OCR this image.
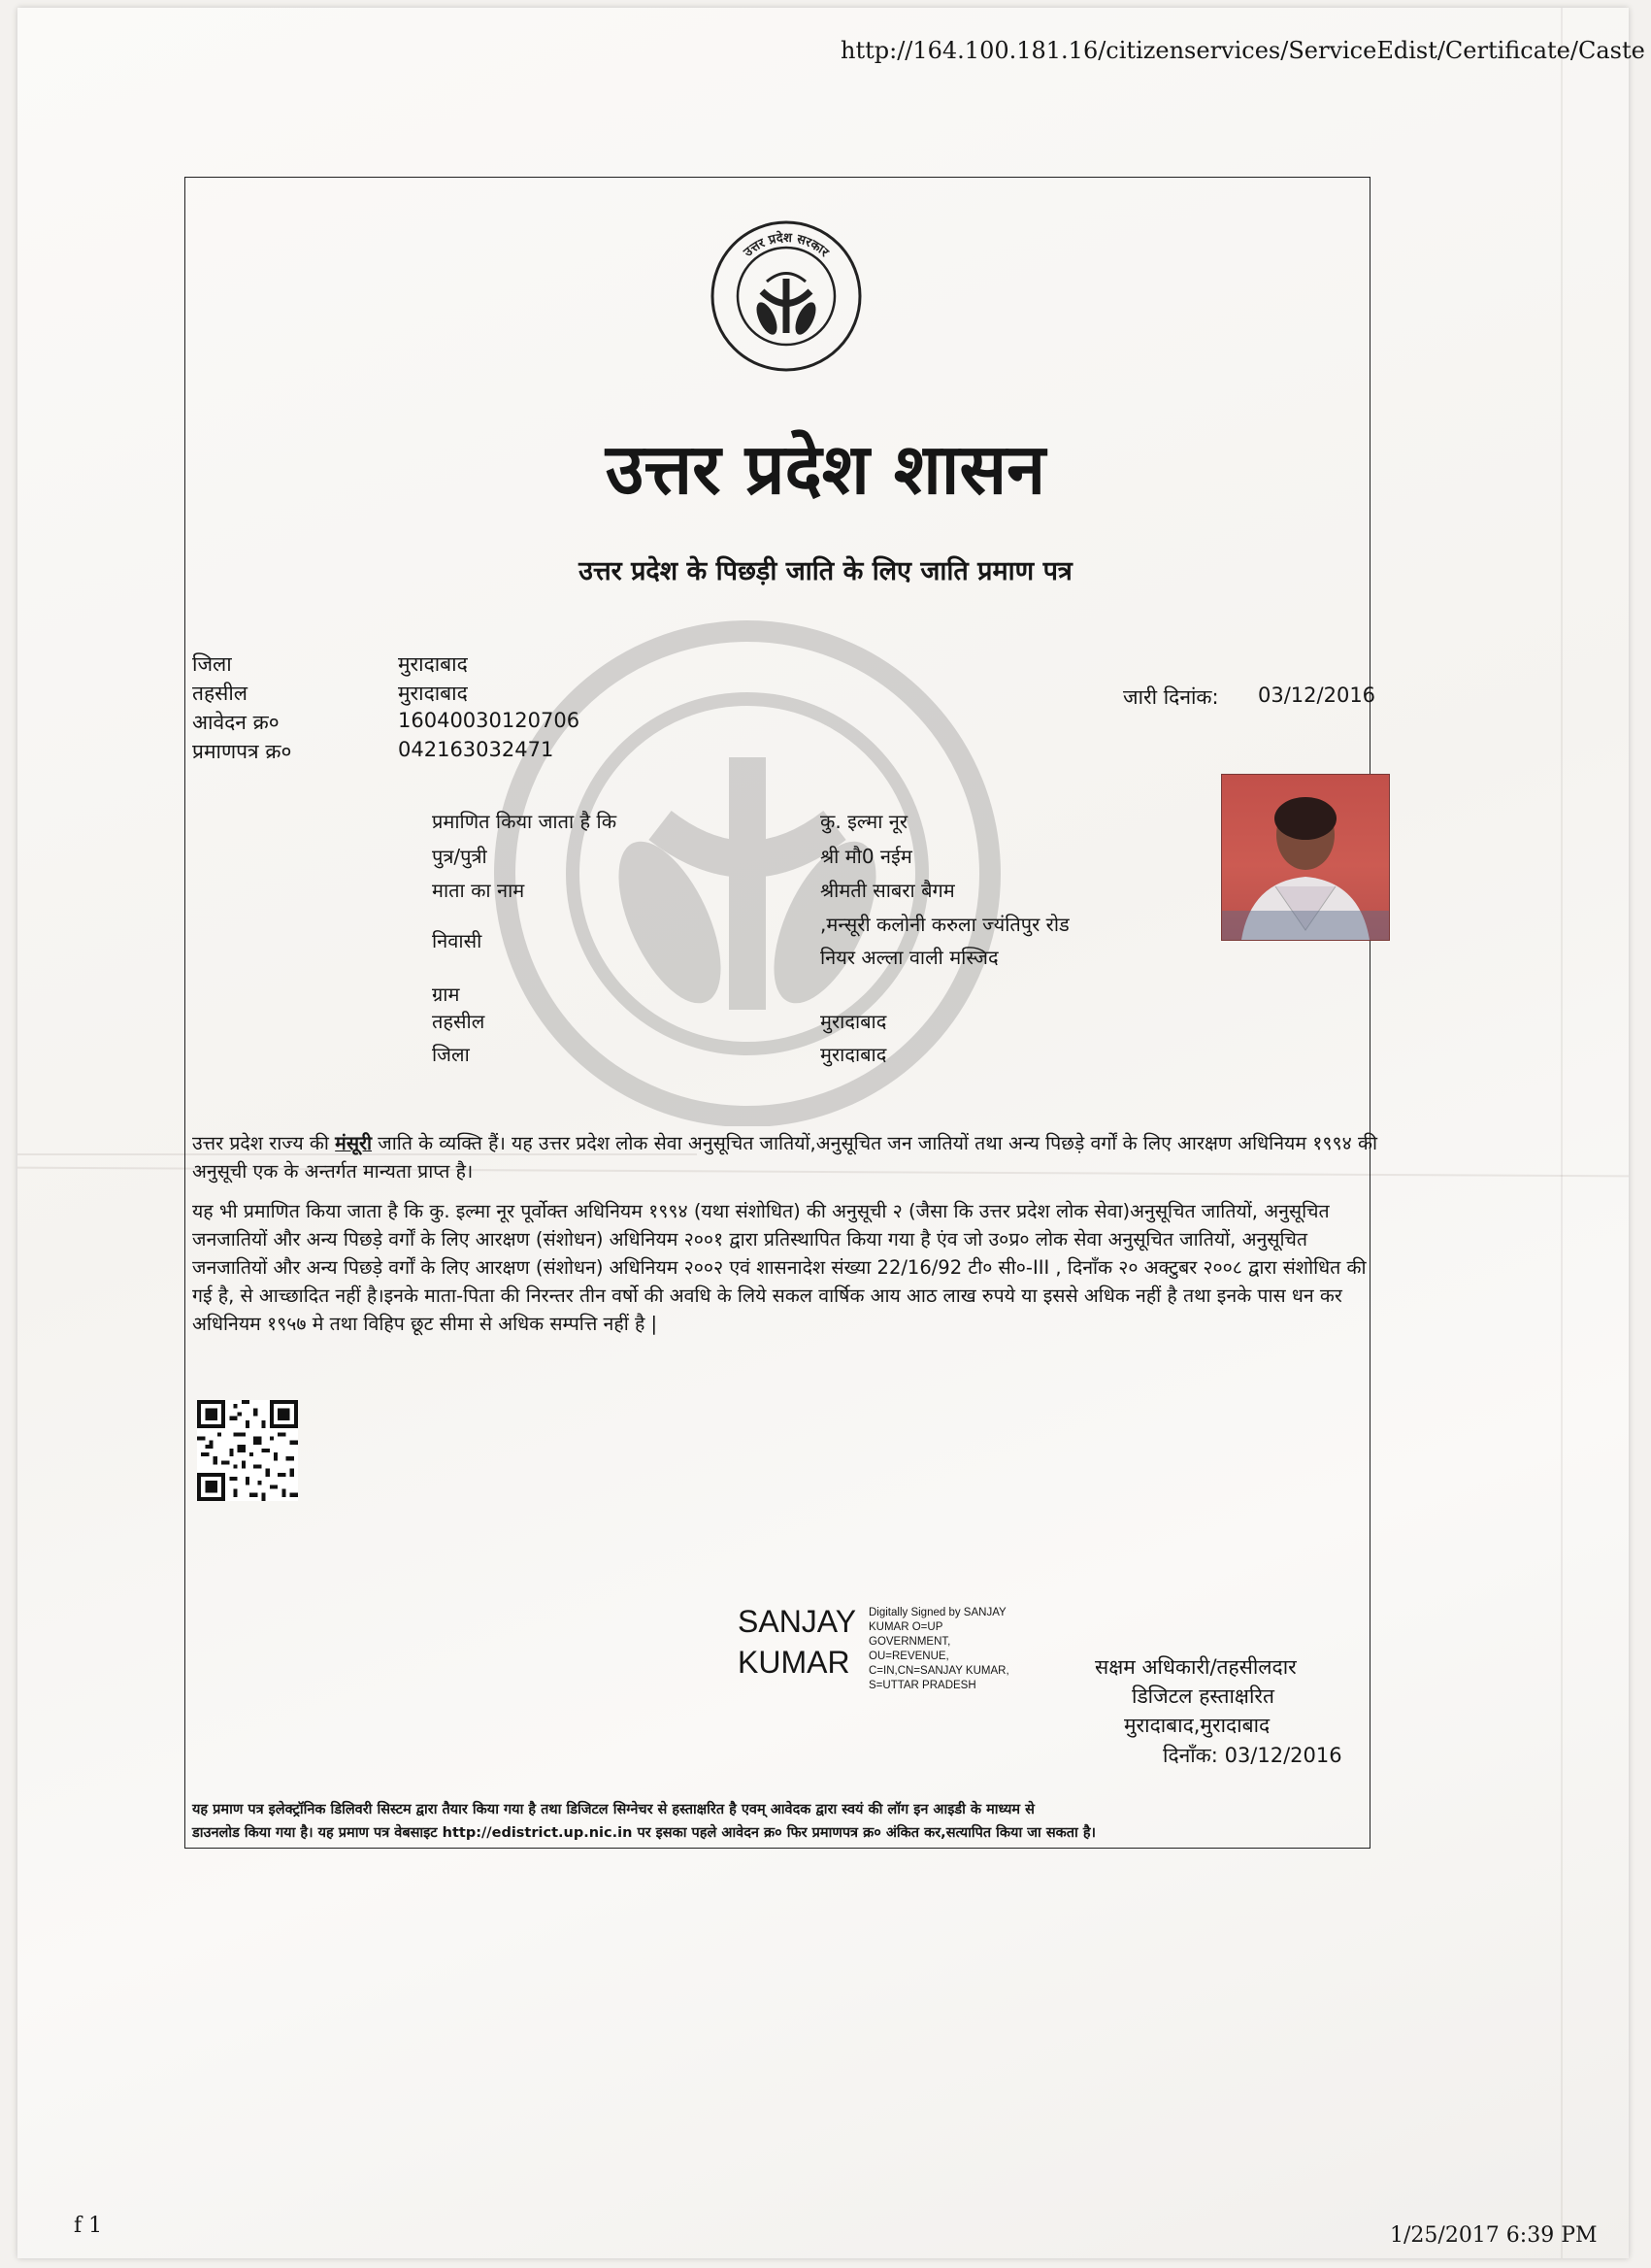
http://164.100.181.16/citizenservices/ServiceEdist/Certificate/Caste
उत्तर प्रदेश सरकार
उत्तर प्रदेश शासन
उत्तर प्रदेश के पिछड़ी जाति के लिए जाति प्रमाण पत्र
जिला	मुरादाबाद
तहसील	मुरादाबाद
आवेदन क्र०	16040030120706
प्रमाणपत्र क्र०	042163032471
जारी दिनांक: 03/12/2016
प्रमाणित किया जाता है कि	कु. इल्मा नूर
पुत्र/पुत्री	श्री मौ0 नईम
माता का नाम	श्रीमती साबरा बैगम
निवासी
,मन्सूरी कलोनी करुला ज्यंतिपुर रोड
नियर अल्ला वाली मस्जिद
ग्राम
तहसील	मुरादाबाद
जिला	मुरादाबाद
उत्तर प्रदेश राज्य की मंसूरी जाति के व्यक्ति हैं। यह उत्तर प्रदेश लोक सेवा अनुसूचित जातियों,अनुसूचित जन जातियों तथा अन्य पिछड़े वर्गों के लिए आरक्षण अधिनियम १९९४ की अनुसूची एक के अन्तर्गत मान्यता प्राप्त है।
यह भी प्रमाणित किया जाता है कि कु. इल्मा नूर पूर्वोक्त अधिनियम १९९४ (यथा संशोधित) की अनुसूची २ (जैसा कि उत्तर प्रदेश लोक सेवा)अनुसूचित जातियों, अनुसूचित जनजातियों और अन्य पिछड़े वर्गों के लिए आरक्षण (संशोधन) अधिनियम २००१ द्वारा प्रतिस्थापित किया गया है एंव जो उ०प्र० लोक सेवा अनुसूचित जातियों, अनुसूचित जनजातियों और अन्य पिछड़े वर्गों के लिए आरक्षण (संशोधन) अधिनियम २००२ एवं शासनादेश संख्या 22/16/92 टी० सी०-III , दिनाँक २० अक्टुबर २००८ द्वारा संशोधित की गई है, से आच्छादित नहीं है।इनके माता-पिता की निरन्तर तीन वर्षो की अवधि के लिये सकल वार्षिक आय आठ लाख रुपये या इससे अधिक नहीं है तथा इनके पास धन कर अधिनियम १९५७ मे तथा विहिप छूट सीमा से अधिक सम्पत्ति नहीं है |
SANJAY
KUMAR
Digitally Signed by SANJAY
KUMAR O=UP
GOVERNMENT,
OU=REVENUE,
C=IN,CN=SANJAY KUMAR,
S=UTTAR PRADESH
सक्षम अधिकारी/तहसीलदार
डिजिटल हस्ताक्षरित
मुरादाबाद,मुरादाबाद
दिनाँक: 03/12/2016
यह प्रमाण पत्र इलेक्ट्रॉनिक डिलिवरी सिस्टम द्वारा तैयार किया गया है तथा डिजिटल सिग्नेचर से हस्ताक्षरित है एवम् आवेदक द्वारा स्वयं की लॉग इन आइडी के माध्यम से
डाउनलोड किया गया है। यह प्रमाण पत्र वेबसाइट http://edistrict.up.nic.in पर इसका पहले आवेदन क्र० फिर प्रमाणपत्र क्र० अंकित कर,सत्यापित किया जा सकता है।
f 1	1/25/2017 6:39 PM
